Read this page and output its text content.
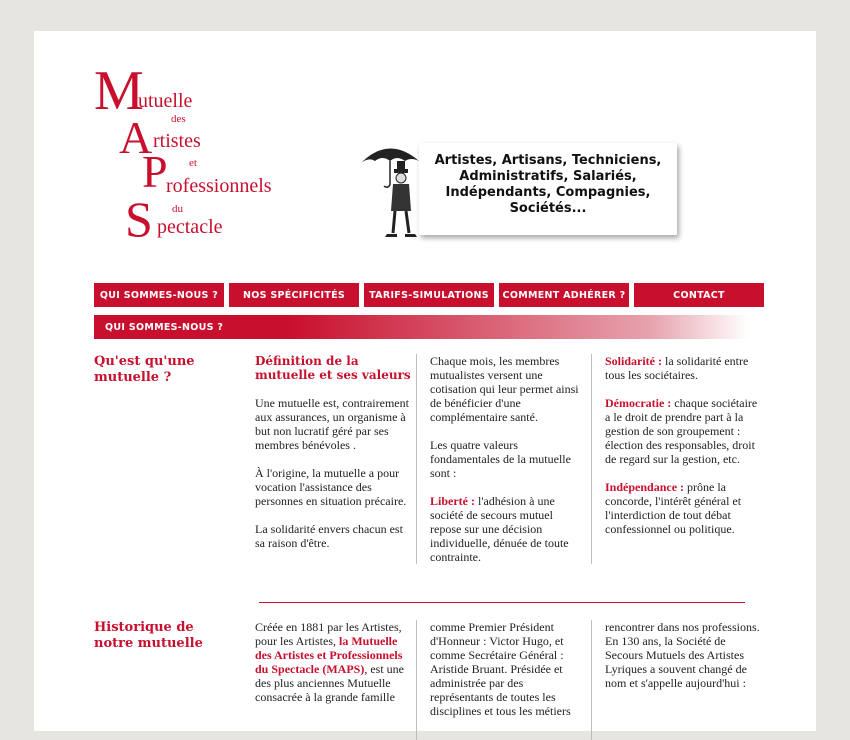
M
utuelle
des
A rtistes
et
P
rofessionnels
du
S pectacle
Artistes, Artisans, Techniciens,
Administratifs, Salariés,
Indépendants, Compagnies,
Sociétés...
QUI SOMMES-NOUS ?	NOS SPÉCIFICITÉS	TARIFS-SIMULATIONS	COMMENT ADHÉRER ?	CONTACT
QUI SOMMES-NOUS ?
Qu'est qu'une mutuelle ?

Définition de la mutuelle et ses valeurs

Une mutuelle est, contrairement aux assurances, un organisme à but non lucratif géré par ses membres bénévoles .

À l'origine, la mutuelle a pour vocation l'assistance des personnes en situation précaire.

La solidarité envers chacun est sa raison d'être.

Chaque mois, les membres mutualistes versent une cotisation qui leur permet ainsi de bénéficier d'une complémentaire santé.

Les quatre valeurs fondamentales de la mutuelle sont :

Liberté : l'adhésion à une société de secours mutuel repose sur une décision individuelle, dénuée de toute contrainte.

Solidarité : la solidarité entre tous les sociétaires.

Démocratie : chaque sociétaire a le droit de prendre part à la gestion de son groupement : élection des responsables, droit de regard sur la gestion, etc.

Indépendance : prône la concorde, l'intérêt général et l'interdiction de tout débat confessionnel ou politique.

Historique de notre mutuelle

Créée en 1881 par les Artistes, pour les Artistes, la Mutuelle des Artistes et Professionnels du Spectacle (MAPS), est une des plus anciennes Mutuelle consacrée à la grande famille

comme Premier Président d'Honneur : Victor Hugo, et comme Secrétaire Général : Aristide Bruant. Présidée et administrée par des représentants de toutes les disciplines et tous les métiers

rencontrer dans nos professions. En 130 ans, la Société de Secours Mutuels des Artistes Lyriques a souvent changé de nom et s'appelle aujourd'hui :
